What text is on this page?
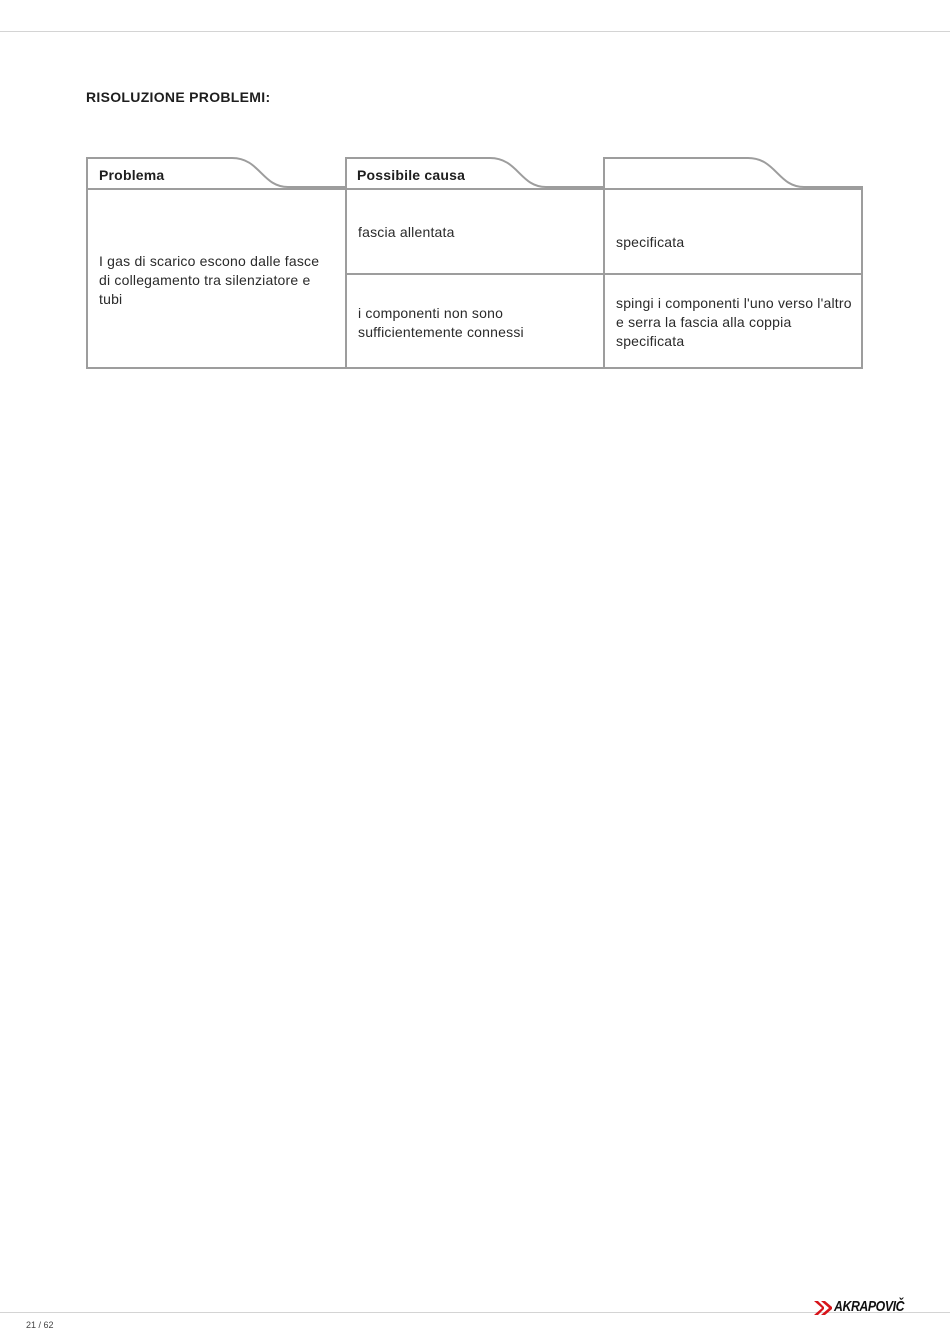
RISOLUZIONE PROBLEMI:
Problema	Possibile causa
I gas di scarico escono dalle fasce di collegamento tra silenziatore e tubi
fascia allentata
specificata
i componenti non sono sufficientemente connessi
spingi i componenti l'uno verso l'altro e serra la fascia alla coppia specificata
21 / 62
AKRAPOVIČ
